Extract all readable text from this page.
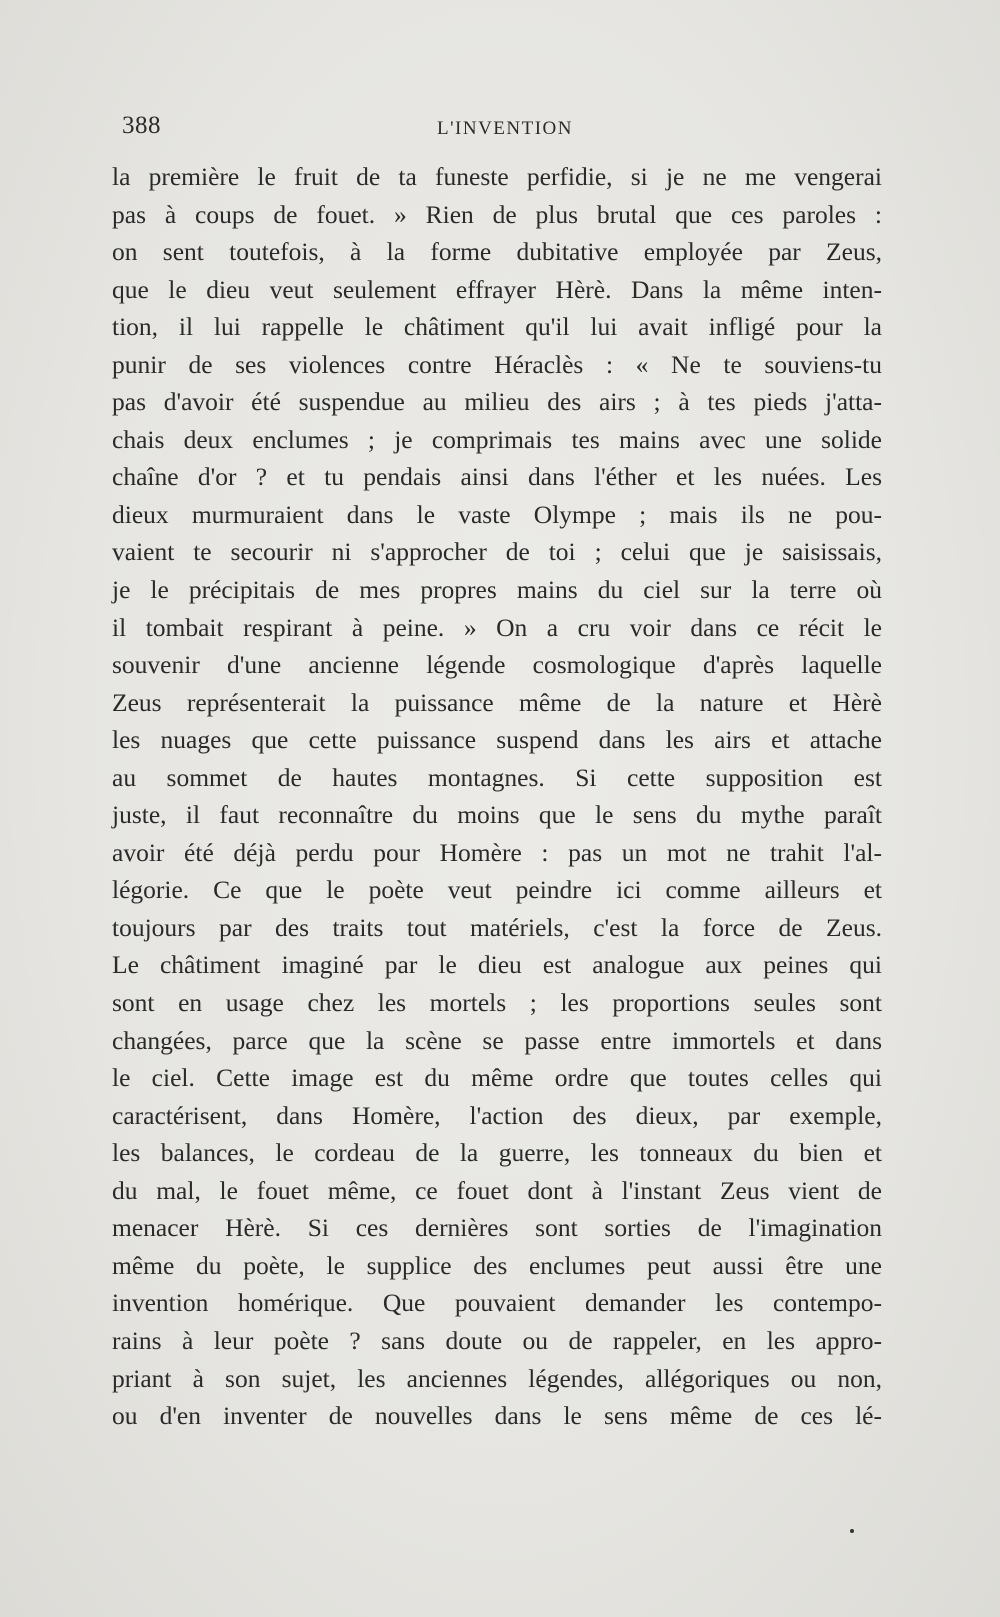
388	L'INVENTION
la première le fruit de ta funeste perfidie, si je ne me vengerai
pas à coups de fouet. » Rien de plus brutal que ces paroles :
on sent toutefois, à la forme dubitative employée par Zeus,
que le dieu veut seulement effrayer Hèrè. Dans la même inten-
tion, il lui rappelle le châtiment qu'il lui avait infligé pour la
punir de ses violences contre Héraclès : « Ne te souviens-tu
pas d'avoir été suspendue au milieu des airs ; à tes pieds j'atta-
chais deux enclumes ; je comprimais tes mains avec une solide
chaîne d'or ? et tu pendais ainsi dans l'éther et les nuées. Les
dieux murmuraient dans le vaste Olympe ; mais ils ne pou-
vaient te secourir ni s'approcher de toi ; celui que je saisissais,
je le précipitais de mes propres mains du ciel sur la terre où
il tombait respirant à peine. » On a cru voir dans ce récit le
souvenir d'une ancienne légende cosmologique d'après laquelle
Zeus représenterait la puissance même de la nature et Hèrè
les nuages que cette puissance suspend dans les airs et attache
au sommet de hautes montagnes. Si cette supposition est
juste, il faut reconnaître du moins que le sens du mythe paraît
avoir été déjà perdu pour Homère : pas un mot ne trahit l'al-
légorie. Ce que le poète veut peindre ici comme ailleurs et
toujours par des traits tout matériels, c'est la force de Zeus.
Le châtiment imaginé par le dieu est analogue aux peines qui
sont en usage chez les mortels ; les proportions seules sont
changées, parce que la scène se passe entre immortels et dans
le ciel. Cette image est du même ordre que toutes celles qui
caractérisent, dans Homère, l'action des dieux, par exemple,
les balances, le cordeau de la guerre, les tonneaux du bien et
du mal, le fouet même, ce fouet dont à l'instant Zeus vient de
menacer Hèrè. Si ces dernières sont sorties de l'imagination
même du poète, le supplice des enclumes peut aussi être une
invention homérique. Que pouvaient demander les contempo-
rains à leur poète ? sans doute ou de rappeler, en les appro-
priant à son sujet, les anciennes légendes, allégoriques ou non,
ou d'en inventer de nouvelles dans le sens même de ces lé-
